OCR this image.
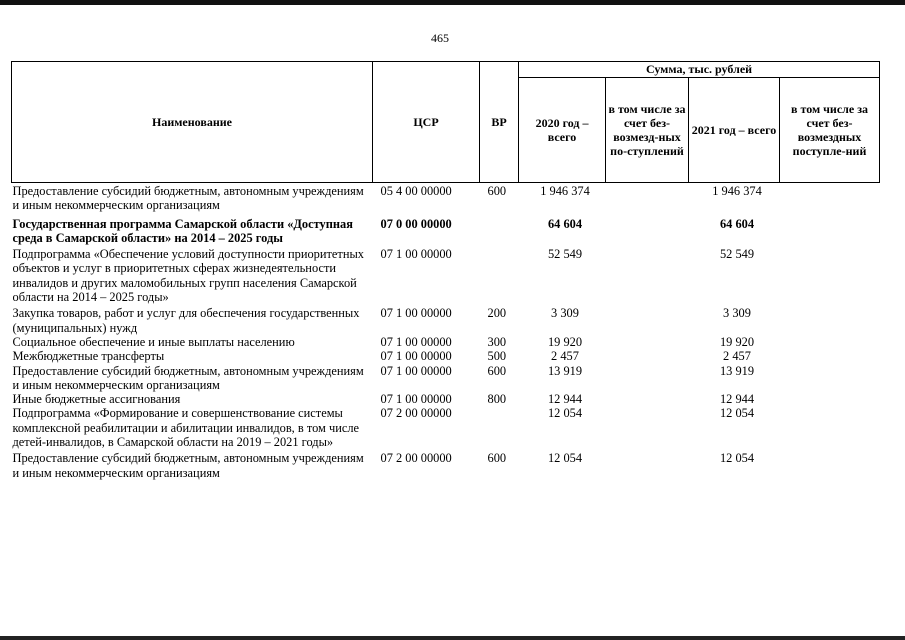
465
Наименование	ЦСР	ВР	Сумма, тыс. рублей			
			2020 год – всего	в том числе за счет без-возмезд-ных по-ступлений	2021 год – всего	в том числе за счет без-возмездных поступле-ний
Предоставление субсидий бюджетным, автономным учреждениям и иным некоммерческим организациям	05 4 00 00000	600	1 946 374		1 946 374	
Государственная программа Самарской области «Доступная среда в Самарской области» на 2014 – 2025 годы	07 0 00 00000		64 604		64 604	
Подпрограмма «Обеспечение условий доступности приоритетных объектов и услуг в приоритетных сферах жизнедеятельности инвалидов и других маломобильных групп населения Самарской области на 2014 – 2025 годы»	07 1 00 00000		52 549		52 549	
Закупка товаров, работ и услуг для обеспечения государственных (муниципальных) нужд	07 1 00 00000	200	3 309		3 309	
Социальное обеспечение и иные выплаты населению	07 1 00 00000	300	19 920		19 920	
Межбюджетные трансферты	07 1 00 00000	500	2 457		2 457	
Предоставление субсидий бюджетным, автономным учреждениям и иным некоммерческим организациям	07 1 00 00000	600	13 919		13 919	
Иные бюджетные ассигнования	07 1 00 00000	800	12 944		12 944	
Подпрограмма «Формирование и совершенствование системы комплексной реабилитации и абилитации инвалидов, в том числе детей-инвалидов, в Самарской области на 2019 – 2021 годы»	07 2 00 00000		12 054		12 054	
Предоставление субсидий бюджетным, автономным учреждениям и иным некоммерческим организациям	07 2 00 00000	600	12 054		12 054	
